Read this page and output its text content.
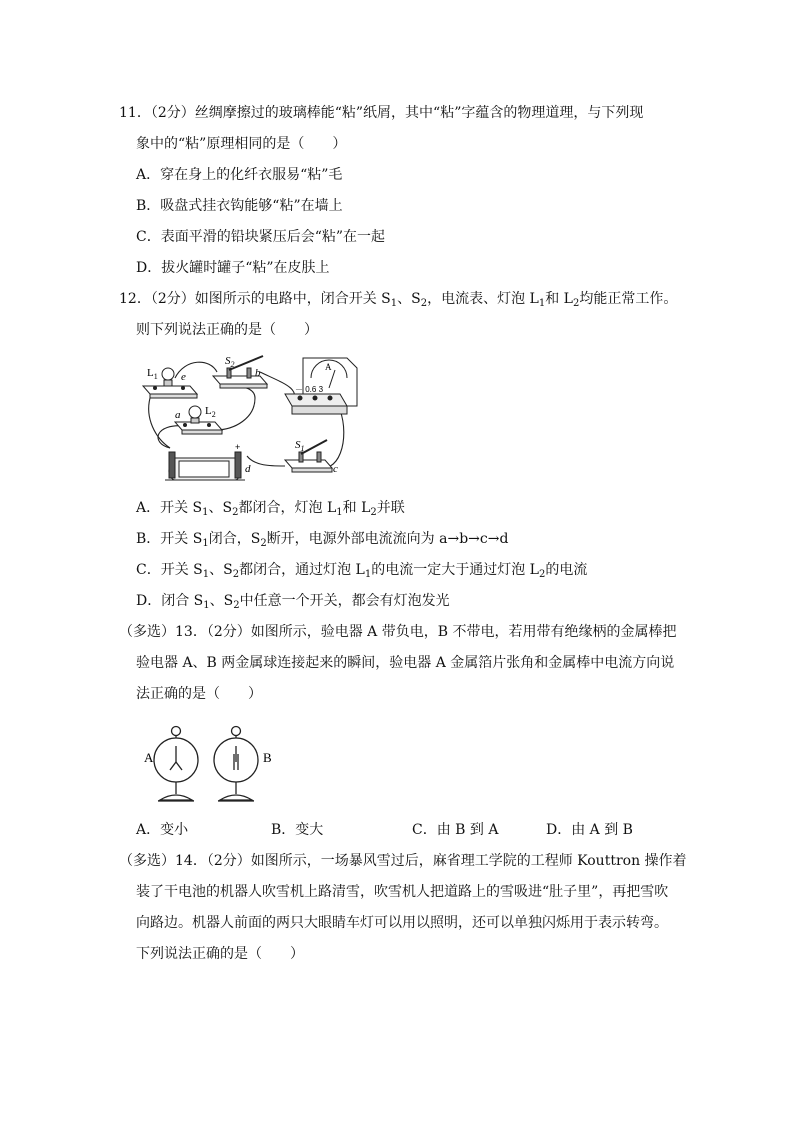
11．（2分）丝绸摩擦过的玻璃棒能“粘”纸屑，其中“粘”字蕴含的物理道理，与下列现
象中的“粘”原理相同的是（　　）
A．穿在身上的化纤衣服易“粘”毛
B．吸盘式挂衣钩能够“粘”在墙上
C．表面平滑的铅块紧压后会“粘”在一起
D．拔火罐时罐子“粘”在皮肤上
12．（2分）如图所示的电路中，闭合开关 $S_1$、$S_2$，电流表、灯泡 $L_1$和 $L_2$均能正常工作。
则下列说法正确的是（　　）
$L_1$ e
$S_2$
b	A
－ 0.6 3
a $L_2$
+
d
$S_1$
c
A．开关 $S_1$、$S_2$都闭合，灯泡 $L_1$和 $L_2$并联
B．开关 $S_1$闭合，$S_2$断开，电源外部电流流向为 a→b→c→d
C．开关 $S_1$、$S_2$都闭合，通过灯泡 $L_1$的电流一定大于通过灯泡 $L_2$的电流
D．闭合 $S_1$、$S_2$中任意一个开关，都会有灯泡发光
（多选）13．（2分）如图所示，验电器 A 带负电，B 不带电，若用带有绝缘柄的金属棒把
验电器 A、B 两金属球连接起来的瞬间，验电器 A 金属箔片张角和金属棒中电流方向说
法正确的是（　　）
A	B
A．变小	B．变大	C．由 B 到 A	D．由 A 到 B
（多选）14．（2分）如图所示，一场暴风雪过后，麻省理工学院的工程师 Kouttron 操作着
装了干电池的机器人吹雪机上路清雪，吹雪机人把道路上的雪吸进“肚子里”，再把雪吹
向路边。机器人前面的两只大眼睛车灯可以用以照明，还可以单独闪烁用于表示转弯。
下列说法正确的是（　　）
